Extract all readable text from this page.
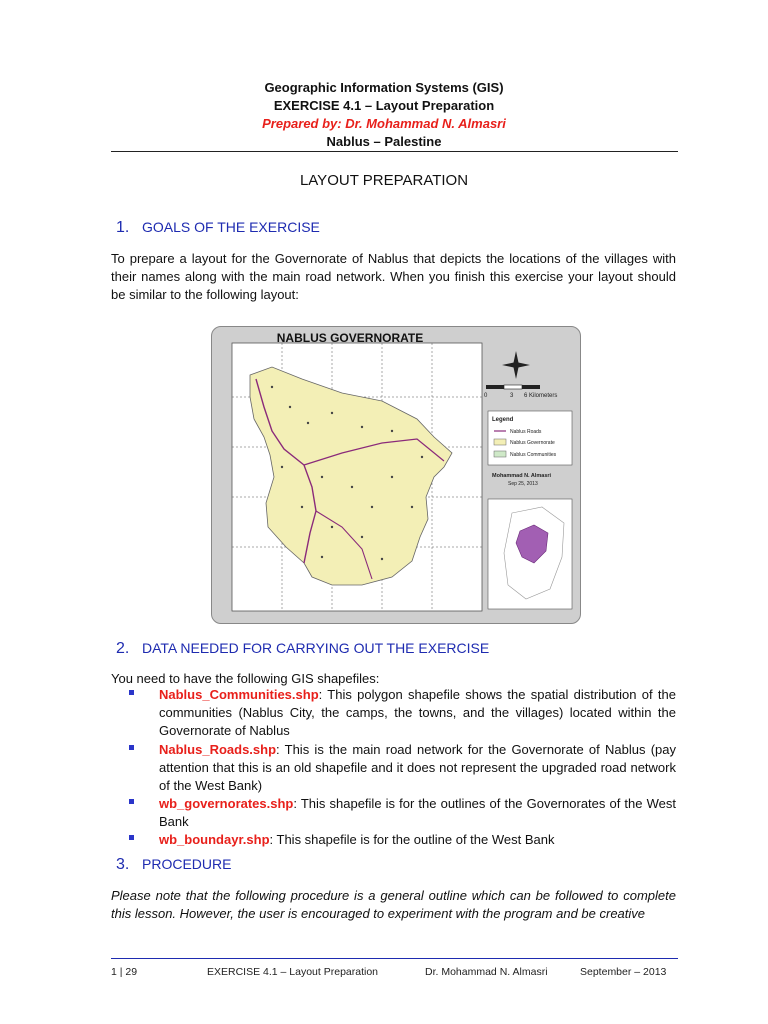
Geographic Information Systems (GIS)
EXERCISE 4.1 – Layout Preparation
Prepared by: Dr. Mohammad N. Almasri
Nablus – Palestine
LAYOUT PREPARATION
1. GOALS OF THE EXERCISE
To prepare a layout for the Governorate of Nablus that depicts the locations of the villages with their names along with the main road network. When you finish this exercise your layout should be similar to the following layout:
NABLUS GOVERNORATE
0	3 6 Kilometers
Legend
Nablus Roads
Nablus Governorate
Nablus Communities
Mohammad N. Almasri
Sep 25, 2013
2. DATA NEEDED FOR CARRYING OUT THE EXERCISE
You need to have the following GIS shapefiles:
Nablus_Communities.shp: This polygon shapefile shows the spatial distribution of the communities (Nablus City, the camps, the towns, and the villages) located within the Governorate of Nablus
Nablus_Roads.shp: This is the main road network for the Governorate of Nablus (pay attention that this is an old shapefile and it does not represent the upgraded road network of the West Bank)
wb_governorates.shp: This shapefile is for the outlines of the Governorates of the West Bank
wb_boundayr.shp: This shapefile is for the outline of the West Bank
3. PROCEDURE
Please note that the following procedure is a general outline which can be followed to complete this lesson. However, the user is encouraged to experiment with the program and be creative
1 | 29	EXERCISE 4.1 – Layout Preparation	Dr. Mohammad N. Almasri	September – 2013
